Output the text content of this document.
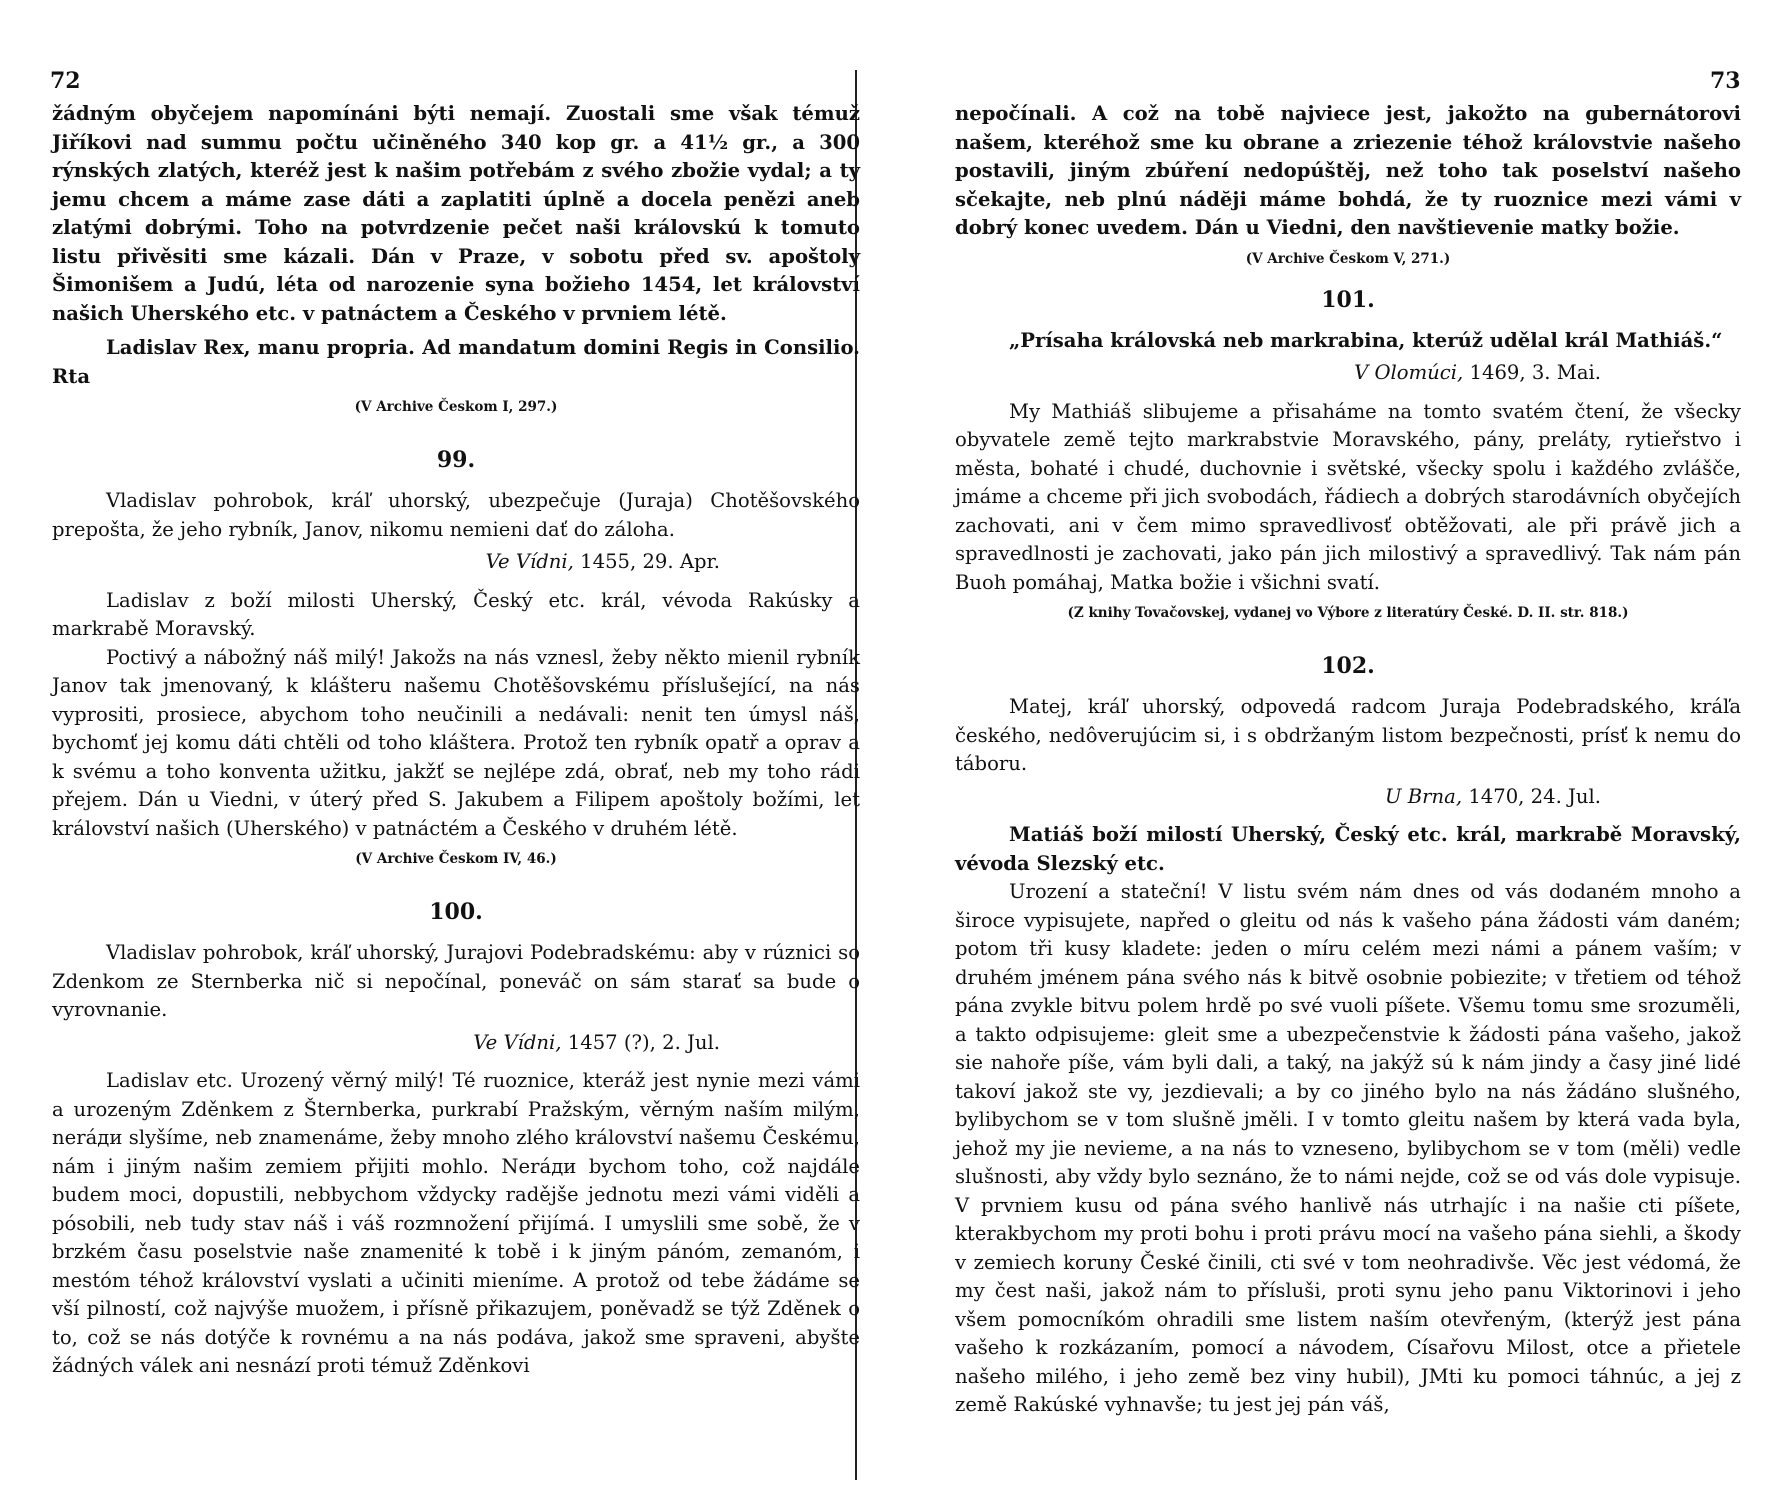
72	73

žádným obyčejem napomínáni býti nemají. Zuostali sme však témuž Jiříkovi nad summu počtu učiněného 340 kop gr. a 41½ gr., a 300 rýnských zlatých, kteréž jest k našim potřebám z svého zbožie vydal; a ty jemu chcem a máme zase dáti a zaplatiti úplně a docela penězi aneb zlatými dobrými. Toho na potvrdzenie pečet naši královskú k tomuto listu přivěsiti sme kázali. Dán v Praze, v sobotu před sv. apoštoly Šimonišem a Judú, léta od narozenie syna božieho 1454, let království našich Uherského etc. v patnáctem a Českého v prvniem létě.

Ladislav Rex, manu propria. Ad mandatum domini Regis in Consilio. Rta

(V Archive Českom I, 297.)
99.

Vladislav pohrobok, kráľ uhorský, ubezpečuje (Juraja) Chotěšovského prepošta, že jeho rybník, Janov, nikomu nemieni dať do záloha.

Ve Vídni, 1455, 29. Apr.

Ladislav z boží milosti Uherský, Český etc. král, vévoda Rakúsky a markrabě Moravský.

Poctivý a nábožný náš milý! Jakožs na nás vznesl, žeby někto mienil rybník Janov tak jmenovaný, k klášteru našemu Chotěšovskému příslušející, na nás vyprositi, prosiece, abychom toho neučinili a nedávali: nenit ten úmysl náš, bychomť jej komu dáti chtěli od toho kláštera. Protož ten rybník opatř a oprav a k svému a toho konventa užitku, jakžť se nejlépe zdá, obrať, neb my toho rádi přejem. Dán u Viedni, v úterý před S. Jakubem a Filipem apoštoly božími, let království našich (Uherského) v patnáctém a Českého v druhém létě.

(V Archive Českom IV, 46.)
100.

Vladislav pohrobok, kráľ uhorský, Jurajovi Podebradskému: aby v rúznici so Zdenkom ze Sternberka nič si nepočínal, poneváč on sám starať sa bude o vyrovnanie.

Ve Vídni, 1457 (?), 2. Jul.

Ladislav etc. Urozený věrný milý! Té ruoznice, kteráž jest nynie mezi vámi a urozeným Zděnkem z Šternberka, purkrabí Pražským, věrným naším milým, neráди slyšíme, neb znamenáme, žeby mnoho zlého království našemu Českému, nám i jiným našim zemiem přijiti mohlo. Neráди bychom toho, což najdále budem moci, dopustili, nebbychom vždycky radějše jednotu mezi vámi viděli a pósobili, neb tudy stav náš i váš rozmnožení přijímá. I umyslili sme sobě, že v brzkém času poselstvie naše znamenité k tobě i k jiným pánóm, zemanóm, i mestóm téhož království vyslati a učiniti mieníme. A protož od tebe žádáme se vší pilností, což najvýše muožem, i přísně přikazujem, poněvadž se týž Zděnek o to, což se nás dotýče k rovnému a na nás podáva, jakož sme spraveni, abyšte žádných válek ani nesnází proti témuž Zděnkovi

nepočínali. A což na tobě najviece jest, jakožto na gubernátorovi našem, kteréhož sme ku obrane a zriezenie téhož královstvie našeho postavili, jiným zbúření nedopúštěj, než toho tak poselství našeho sčekajte, neb plnú nádĕji máme bohdá, že ty ruoznice mezi vámi v dobrý konec uvedem. Dán u Viedni, den navštievenie matky božie.

(V Archive Českom V, 271.)
101.

„Prísaha královská neb markrabina, kterúž udělal král Mathiáš.“

V Olomúci, 1469, 3. Mai.

My Mathiáš slibujeme a přisaháme na tomto svatém čtení, že všecky obyvatele země tejto markrabstvie Moravského, pány, preláty, rytieřstvo i města, bohaté i chudé, duchovnie i světské, všecky spolu i každého zvlášče, jmáme a chceme při jich svobodách, řádiech a dobrých starodávních obyčejích zachovati, ani v čem mimo spravedlivosť obtěžovati, ale při právě jich a spravedlnosti je zachovati, jako pán jich milostivý a spravedlivý. Tak nám pán Buoh pomáhaj, Matka božie i všichni svatí.

(Z knihy Tovačovskej, vydanej vo Výbore z literatúry České. D. II. str. 818.)
102.

Matej, kráľ uhorský, odpovedá radcom Juraja Podebradského, kráľa českého, nedôverujúcim si, i s obdržaným listom bezpečnosti, prísť k nemu do táboru.

U Brna, 1470, 24. Jul.

Matiáš boží milostí Uherský, Český etc. král, markrabě Moravský, vévoda Slezský etc.

Urození a stateční! V listu svém nám dnes od vás dodaném mnoho a široce vypisujete, napřed o gleitu od nás k vašeho pána žádosti vám daném; potom tři kusy kladete: jeden o míru celém mezi námi a pánem vaším; v druhém jménem pána svého nás k bitvě osobnie pobiezite; v třetiem od téhož pána zvykle bitvu polem hrdě po své vuoli píšete. Všemu tomu sme srozuměli, a takto odpisujeme: gleit sme a ubezpečenstvie k žádosti pána vašeho, jakož sie nahoře píše, vám byli dali, a taký, na jakýž sú k nám jindy a časy jiné lidé takoví jakož ste vy, jezdievali; a by co jiného bylo na nás žádáno slušného, bylibychom se v tom slušně jměli. I v tomto gleitu našem by která vada byla, jehož my jie nevieme, a na nás to vzneseno, bylibychom se v tom (měli) vedle slušnosti, aby vždy bylo seznáno, že to námi nejde, což se od vás dole vypisuje. V prvniem kusu od pána svého hanlivě nás utrhajíc i na našie cti píšete, kterakbychom my proti bohu i proti právu mocí na vašeho pána siehli, a škody v zemiech koruny České činili, cti své v tom neohradivše. Věc jest védomá, že my čest naši, jakož nám to přísluši, proti synu jeho panu Viktorinovi i jeho všem pomocníkóm ohradili sme listem naším otevřeným, (kterýž jest pána vašeho k rozkázaním, pomocí a návodem, Císařovu Milost, otce a přietele našeho milého, i jeho země bez viny hubil), JMti ku pomoci táhnúc, a jej z země Rakúské vyhnavše; tu jest jej pán váš,
